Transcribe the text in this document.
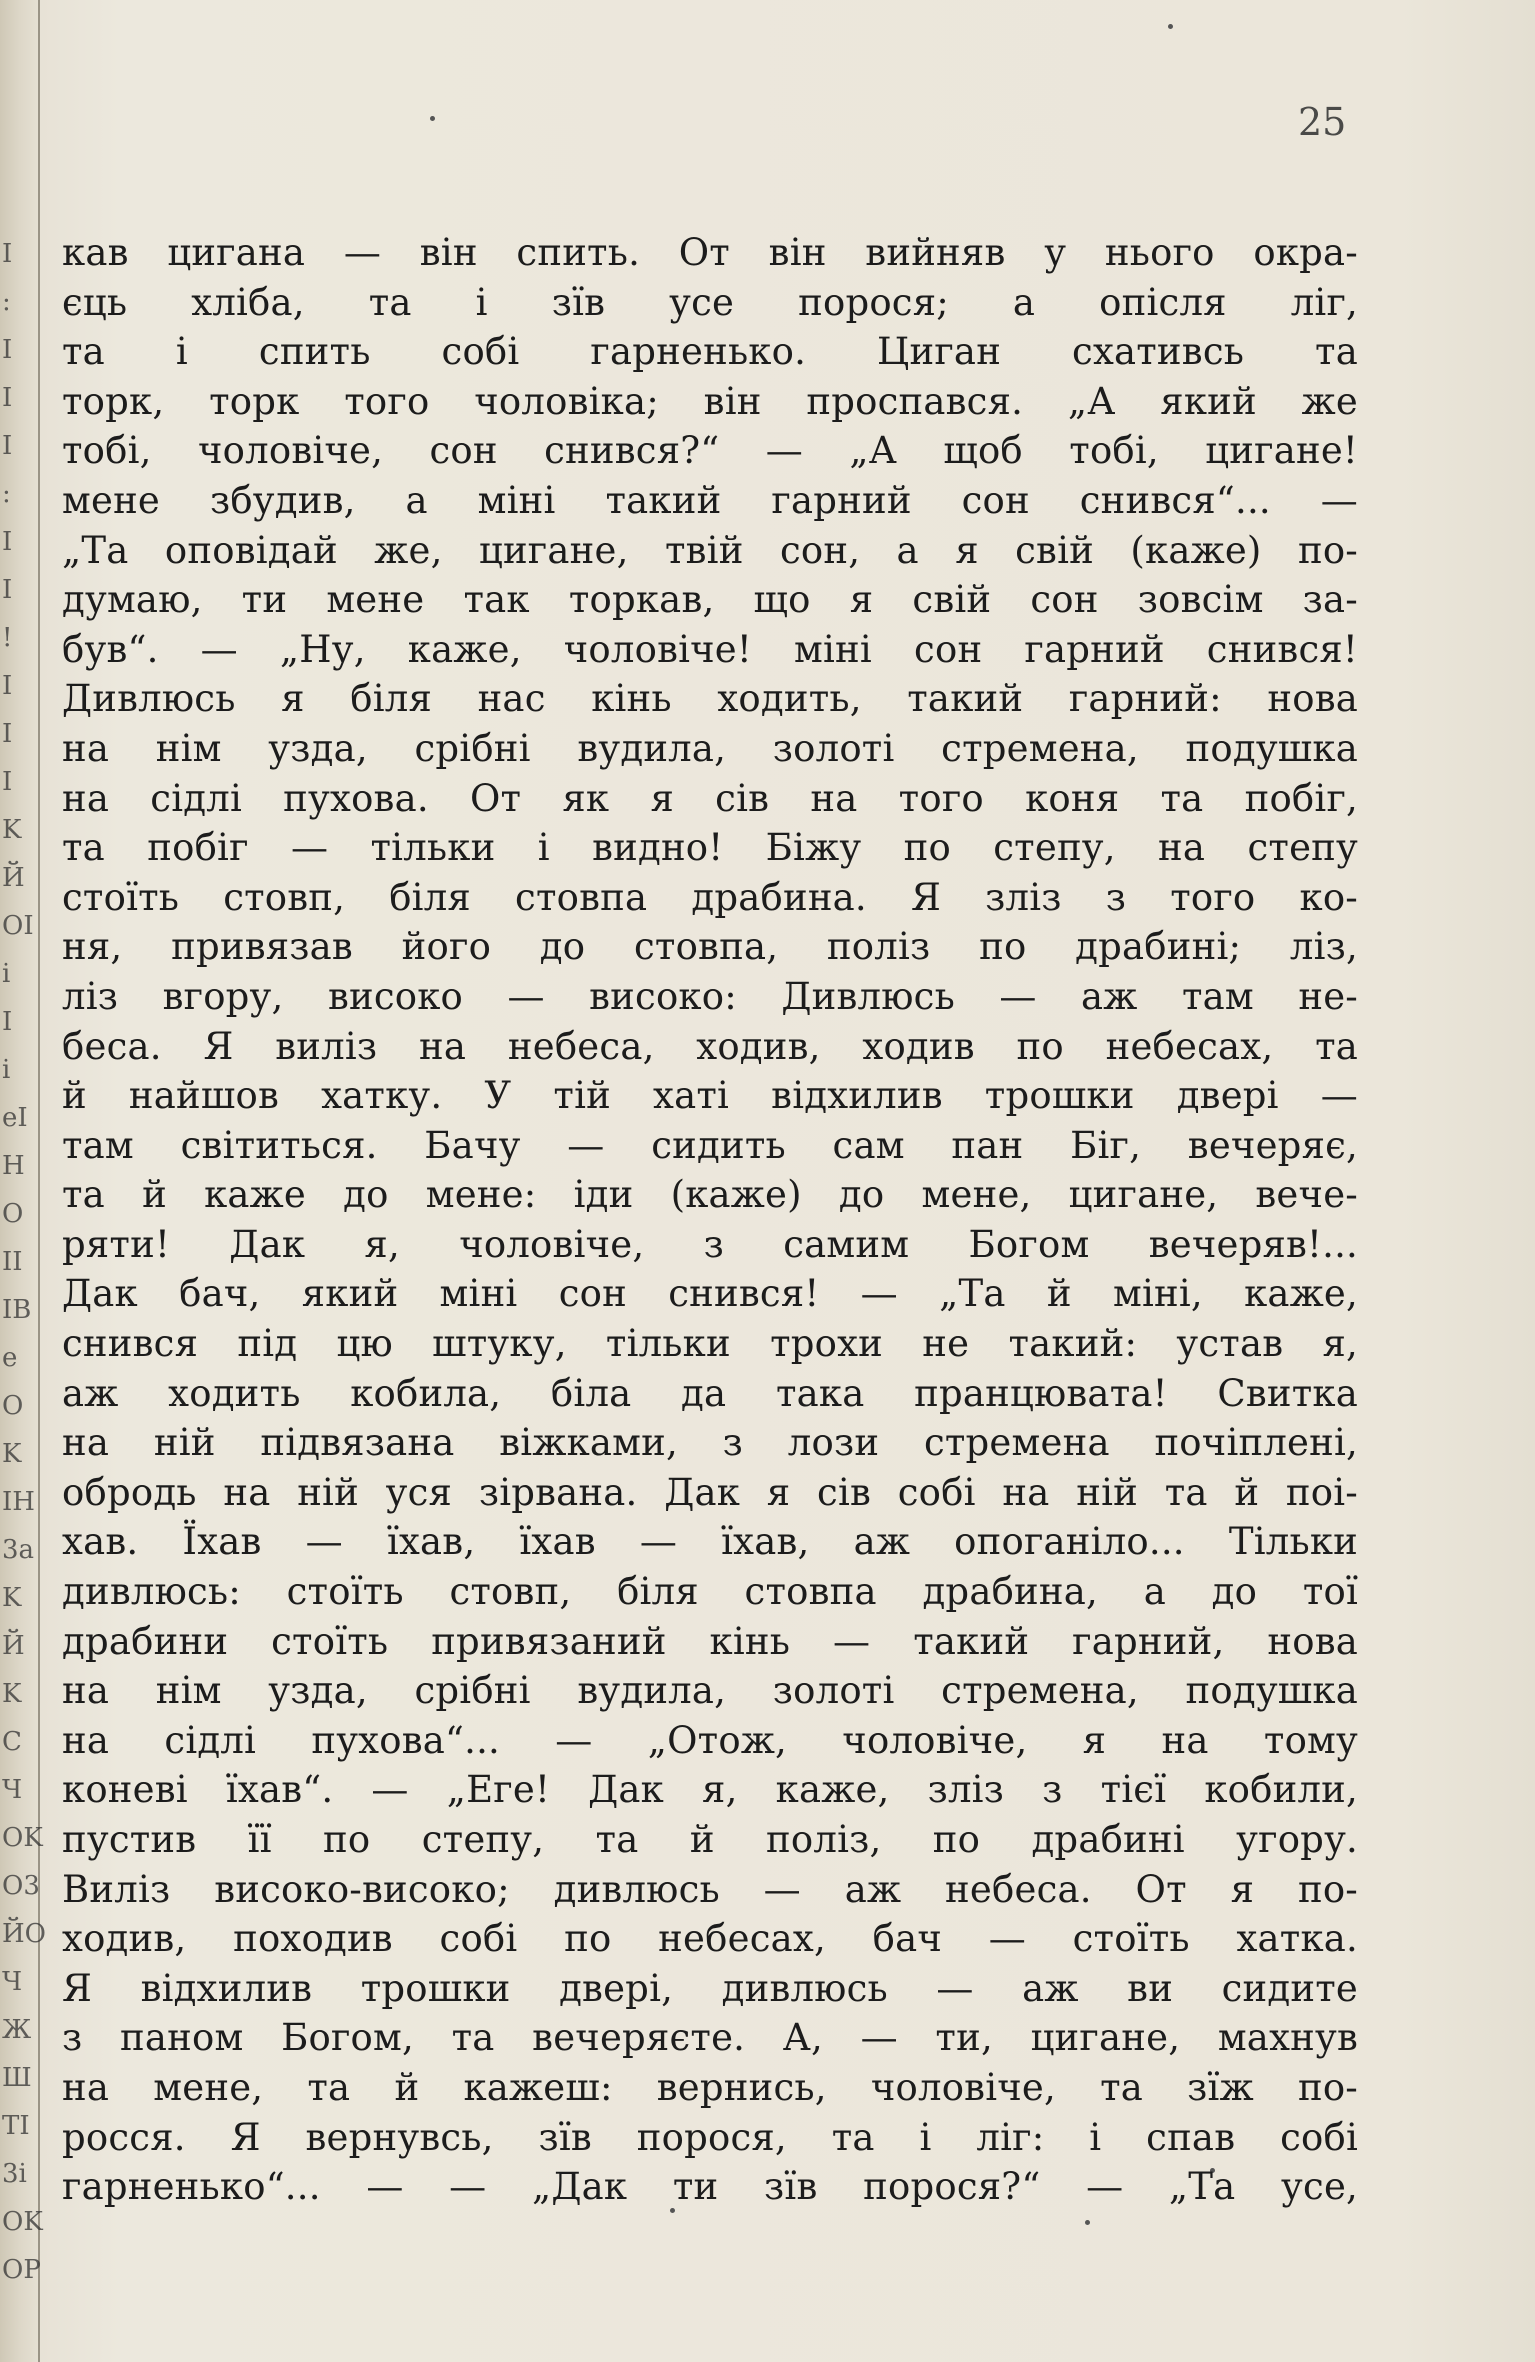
I
:
I
I
I
:
I
I
!
I
I
I
K
Й
OI
i
I
i
eI
H
O
II
IB
e
O
K
IH
3a
K
Й
K
C
Ч
OK
O3
ЙO
Ч
Ж
Ш
TI
3i
OK
OP
25
кав цигана — він спить. От він вийняв у нього окра-
єць хліба, та і зїв усе порося; а опісля ліг,
та і спить собі гарненько. Циган схативсь та
торк, торк того чоловіка; він проспався. „А який же
тобі, чоловіче, сон снився?“ — „А щоб тобі, цигане!
мене збудив, а міні такий гарний сон снився“... —
„Та оповідай же, цигане, твій сон, а я свій (каже) по-
думаю, ти мене так торкав, що я свій сон зовсім за-
був“. — „Ну, каже, чоловіче! міні сон гарний снився!
Дивлюсь я біля нас кінь ходить, такий гарний: нова
на нім узда, срібні вудила, золоті стремена, подушка
на сідлі пухова. От як я сів на того коня та побіг,
та побіг — тільки і видно! Біжу по степу, на степу
стоїть стовп, біля стовпа драбина. Я зліз з того ко-
ня, привязав його до стовпа, поліз по драбині; ліз,
ліз вгору, високо — високо: Дивлюсь — аж там не-
беса. Я виліз на небеса, ходив, ходив по небесах, та
й найшов хатку. У тій хаті відхилив трошки двері —
там світиться. Бачу — сидить сам пан Біг, вечеряє,
та й каже до мене: іди (каже) до мене, цигане, вече-
ряти! Дак я, чоловіче, з самим Богом вечеряв!...
Дак бач, який міні сон снився! — „Та й міні, каже,
снився під цю штуку, тільки трохи не такий: устав я,
аж ходить кобила, біла да така пранцювата! Свитка
на ній підвязана віжками, з лози стремена почіплені,
обродь на ній уся зірвана. Дак я сів собі на ній та й поі-
хав. Їхав — їхав, їхав — їхав, аж опоганіло... Тільки
дивлюсь: стоїть стовп, біля стовпа драбина, а до тої
драбини стоїть привязаний кінь — такий гарний, нова
на нім узда, срібні вудила, золоті стремена, подушка
на сідлі пухова“... — „Отож, чоловіче, я на тому
коневі їхав“. — „Еге! Дак я, каже, зліз з тієї кобили,
пустив її по степу, та й поліз, по драбині угору.
Виліз високо-високо; дивлюсь — аж небеса. От я по-
ходив, походив собі по небесах, бач — стоїть хатка.
Я відхилив трошки двері, дивлюсь — аж ви сидите
з паном Богом, та вечеряєте. А, — ти, цигане, махнув
на мене, та й кажеш: вернись, чоловіче, та зїж по-
росся. Я вернувсь, зїв порося, та і ліг: і спав собі
гарненько“... — — „Дак ти зїв порося?“ — „Та усе,
